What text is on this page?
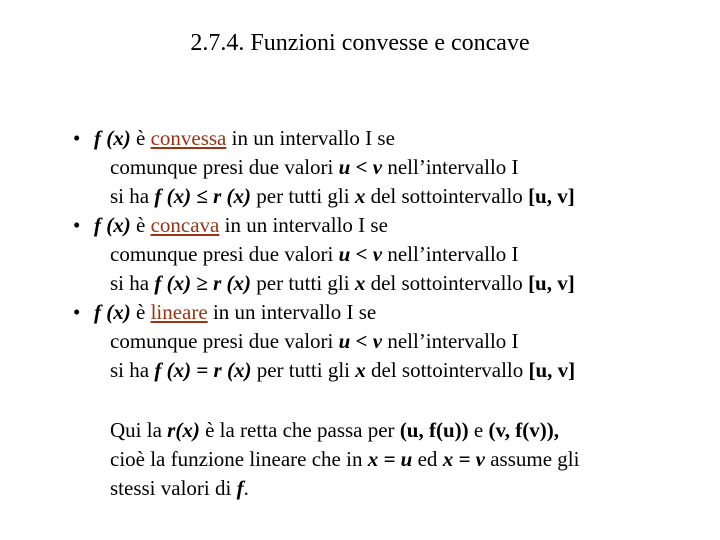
2.7.4. Funzioni convesse e concave
• f (x) è convessa in un intervallo I se
comunque presi due valori u < v nell’intervallo I
si ha f (x) ≤ r (x) per tutti gli x del sottointervallo [u, v]
• f (x) è concava in un intervallo I se
comunque presi due valori u < v nell’intervallo I
si ha f (x) ≥ r (x) per tutti gli x del sottointervallo [u, v]
• f (x) è lineare in un intervallo I se
comunque presi due valori u < v nell’intervallo I
si ha f (x) = r (x) per tutti gli x del sottointervallo [u, v]
Qui la r(x) è la retta che passa per (u, f(u)) e (v, f(v)),
cioè la funzione lineare che in x = u ed x = v assume gli
stessi valori di f.
